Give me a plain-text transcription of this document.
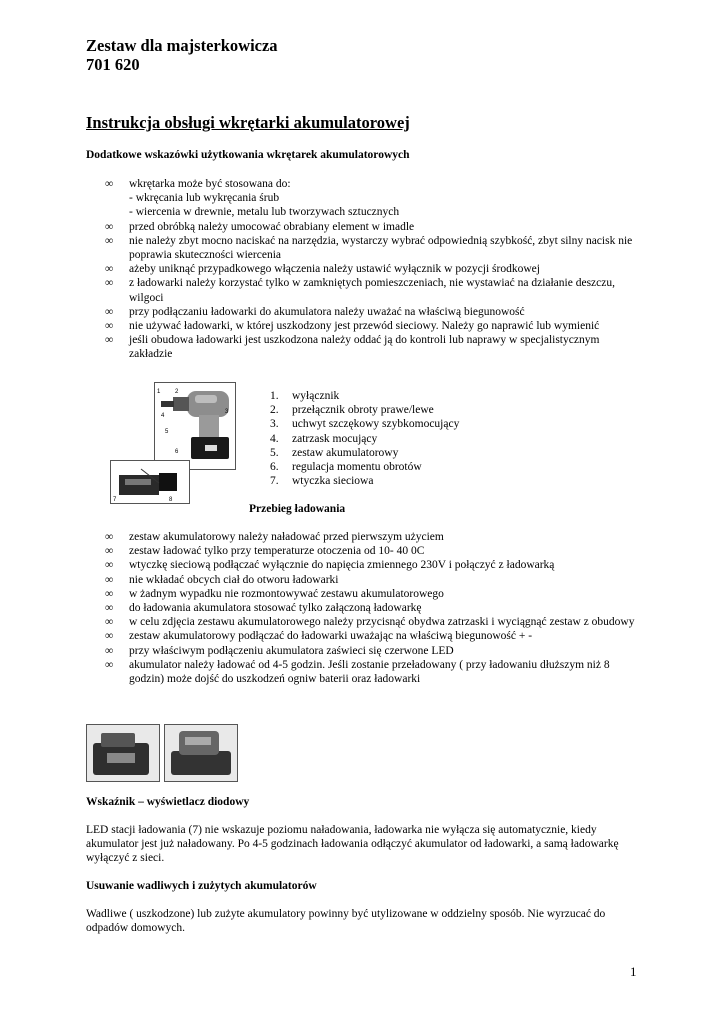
Zestaw dla majsterkowicza
701 620
Instrukcja obsługi wkrętarki akumulatorowej
Dodatkowe wskazówki użytkowania wkrętarek akumulatorowych
∞ wkrętarka może być stosowana do:
- wkręcania lub wykręcania śrub
- wiercenia w drewnie, metalu lub tworzywach sztucznych
∞ przed obróbką należy umocować obrabiany element w imadle
∞ nie należy zbyt mocno naciskać na narzędzia, wystarczy wybrać odpowiednią szybkość, zbyt silny nacisk nie poprawia skuteczności wiercenia
∞ ażeby uniknąć przypadkowego włączenia należy ustawić wyłącznik w pozycji środkowej
∞ z ładowarki należy korzystać tylko w zamkniętych pomieszczeniach, nie wystawiać na działanie deszczu, wilgoci
∞ przy podłączaniu ładowarki do akumulatora należy uważać na właściwą biegunowość
∞ nie używać ładowarki, w której uszkodzony jest przewód sieciowy. Należy go naprawić lub wymienić
∞ jeśli obudowa ładowarki jest uszkodzona należy oddać ją do kontroli lub naprawy w specjalistycznym zakładzie
1 2
3
4
5
6
7	8
1. wyłącznik
2. przełącznik obroty prawe/lewe
3. uchwyt szczękowy szybkomocujący
4. zatrzask mocujący
5. zestaw akumulatorowy
6. regulacja momentu obrotów
7. wtyczka sieciowa
Przebieg ładowania
∞ zestaw akumulatorowy należy naładować przed pierwszym użyciem
∞ zestaw ładować tylko przy temperaturze otoczenia od 10- 40 0C
∞ wtyczkę sieciową podłączać wyłącznie do napięcia zmiennego 230V i połączyć z ładowarką
∞ nie wkładać obcych ciał do otworu ładowarki
∞ w żadnym wypadku nie rozmontowywać zestawu akumulatorowego
∞ do ładowania akumulatora stosować tylko załączoną ładowarkę
∞ w celu zdjęcia zestawu akumulatorowego należy przycisnąć obydwa zatrzaski i wyciągnąć zestaw z obudowy
∞ zestaw akumulatorowy podłączać do ładowarki uważając na właściwą biegunowość + -
∞ przy właściwym podłączeniu akumulatora zaświeci się czerwone LED
∞ akumulator należy ładować od 4-5 godzin. Jeśli zostanie przeładowany ( przy ładowaniu dłuższym niż 8 godzin) może dojść do uszkodzeń ogniw baterii oraz ładowarki
Wskaźnik – wyświetlacz diodowy
LED stacji ładowania (7) nie wskazuje poziomu naładowania, ładowarka nie wyłącza się automatycznie, kiedy akumulator jest już naładowany. Po 4-5 godzinach ładowania odłączyć akumulator od ładowarki, a samą ładowarkę wyłączyć z sieci.
Usuwanie wadliwych i zużytych akumulatorów
Wadliwe ( uszkodzone) lub zużyte akumulatory powinny być utylizowane w oddzielny sposób. Nie wyrzucać do odpadów domowych.
1
